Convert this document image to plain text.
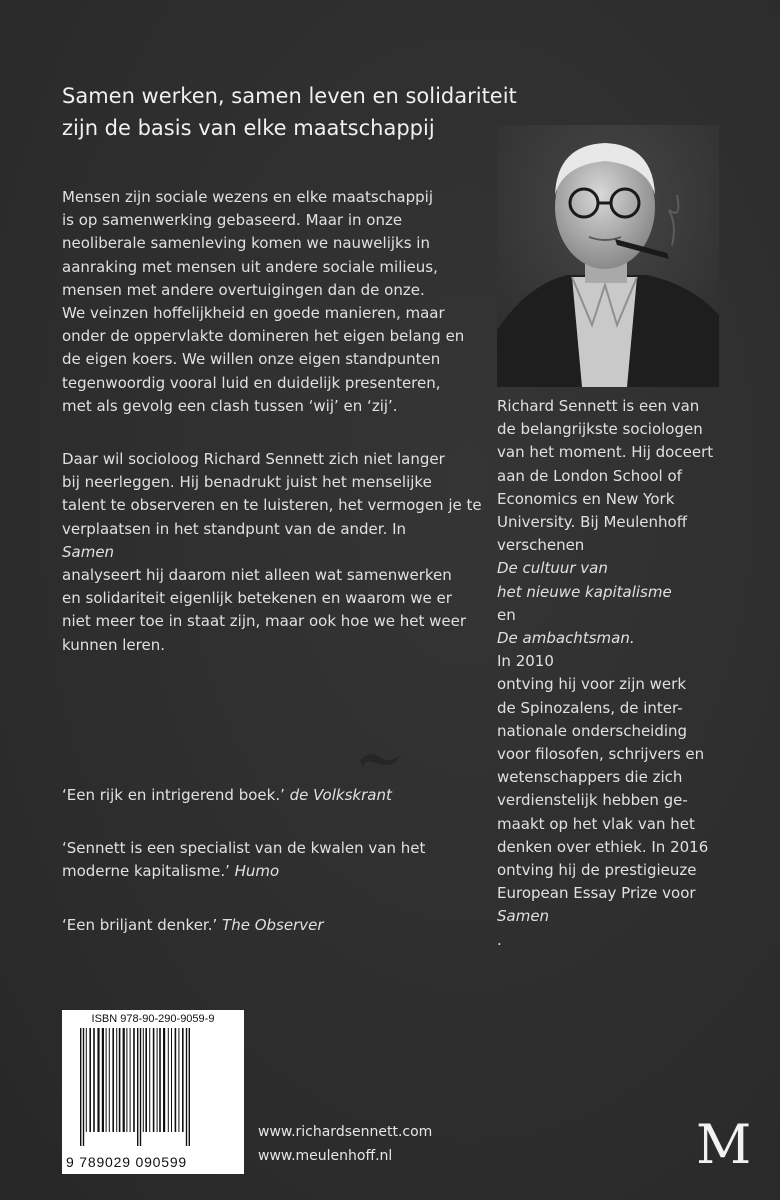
Samen werken, samen leven en solidariteit
zijn de basis van elke maatschappij

Mensen zijn sociale wezens en elke maatschappij
is op samenwerking gebaseerd. Maar in onze
neoliberale samenleving komen we nauwelijks in
aanraking met mensen uit andere sociale milieus,
mensen met andere overtuigingen dan de onze.
We veinzen hoffelijkheid en goede manieren, maar
onder de oppervlakte domineren het eigen belang en
de eigen koers. We willen onze eigen standpunten
tegenwoordig vooral luid en duidelijk presenteren,
met als gevolg een clash tussen ‘wij’ en ‘zij’.

Daar wil socioloog Richard Sennett zich niet langer
bij neerleggen. Hij benadrukt juist het menselijke
talent te observeren en te luisteren, het vermogen je te
verplaatsen in het standpunt van de ander. In
Samen
analyseert hij daarom niet alleen wat samenwerken
en solidariteit eigenlijk betekenen en waarom we er
niet meer toe in staat zijn, maar ook hoe we het weer
kunnen leren.

‘Een rijk en intrigerend boek.’ de Volkskrant

‘Sennett is een specialist van de kwalen van het
moderne kapitalisme.’ Humo

‘Een briljant denker.’ The Observer

Richard Sennett is een van
de belangrijkste sociologen
van het moment. Hij doceert
aan de London School of
Economics en New York
University. Bij Meulenhoff
verschenen
De cultuur van
het nieuwe kapitalisme
en
De ambachtsman.
In 2010
ontving hij voor zijn werk
de Spinozalens, de inter-
nationale onderscheiding
voor filosofen, schrijvers en
wetenschappers die zich
verdienstelijk hebben ge-
maakt op het vlak van het
denken over ethiek. In 2016
ontving hij de prestigieuze
European Essay Prize voor
Samen
.
ISBN 978-90-290-9059-9
9 789029 090599
www.richardsennett.com
www.meulenhoff.nl	M
